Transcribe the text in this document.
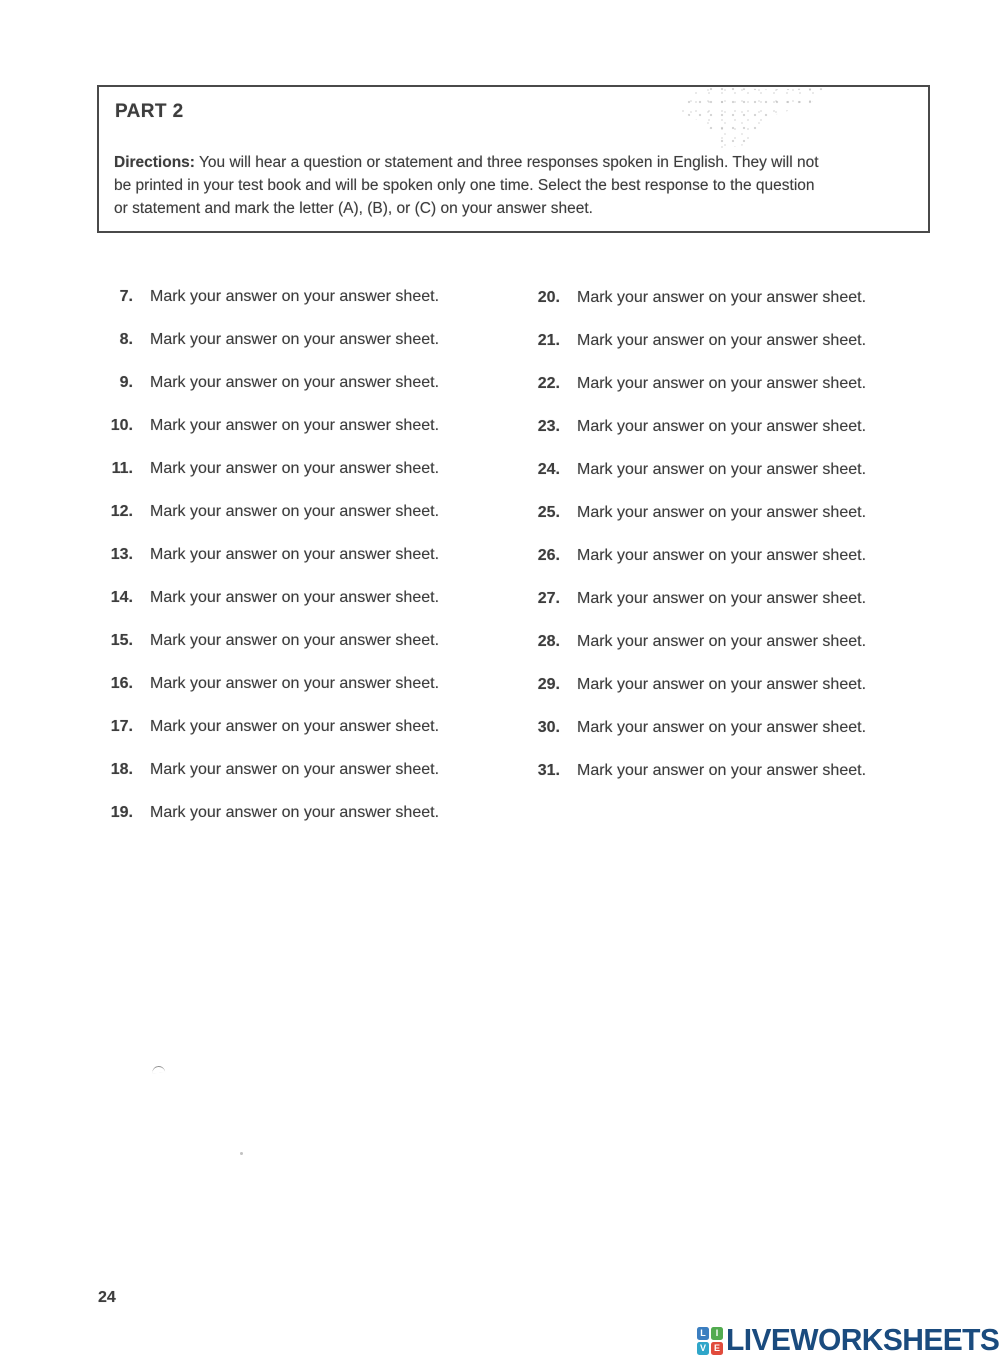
PART 2
Directions: You will hear a question or statement and three responses spoken in English. They will not
be printed in your test book and will be spoken only one time. Select the best response to the question
or statement and mark the letter (A), (B), or (C) on your answer sheet.
7. Mark your answer on your answer sheet.
8. Mark your answer on your answer sheet.
9. Mark your answer on your answer sheet.
10. Mark your answer on your answer sheet.
11. Mark your answer on your answer sheet.
12. Mark your answer on your answer sheet.
13. Mark your answer on your answer sheet.
14. Mark your answer on your answer sheet.
15. Mark your answer on your answer sheet.
16. Mark your answer on your answer sheet.
17. Mark your answer on your answer sheet.
18. Mark your answer on your answer sheet.
19. Mark your answer on your answer sheet.
20. Mark your answer on your answer sheet.
21. Mark your answer on your answer sheet.
22. Mark your answer on your answer sheet.
23. Mark your answer on your answer sheet.
24. Mark your answer on your answer sheet.
25. Mark your answer on your answer sheet.
26. Mark your answer on your answer sheet.
27. Mark your answer on your answer sheet.
28. Mark your answer on your answer sheet.
29. Mark your answer on your answer sheet.
30. Mark your answer on your answer sheet.
31. Mark your answer on your answer sheet.
24
L	I
V E LIVEWORKSHEETS
